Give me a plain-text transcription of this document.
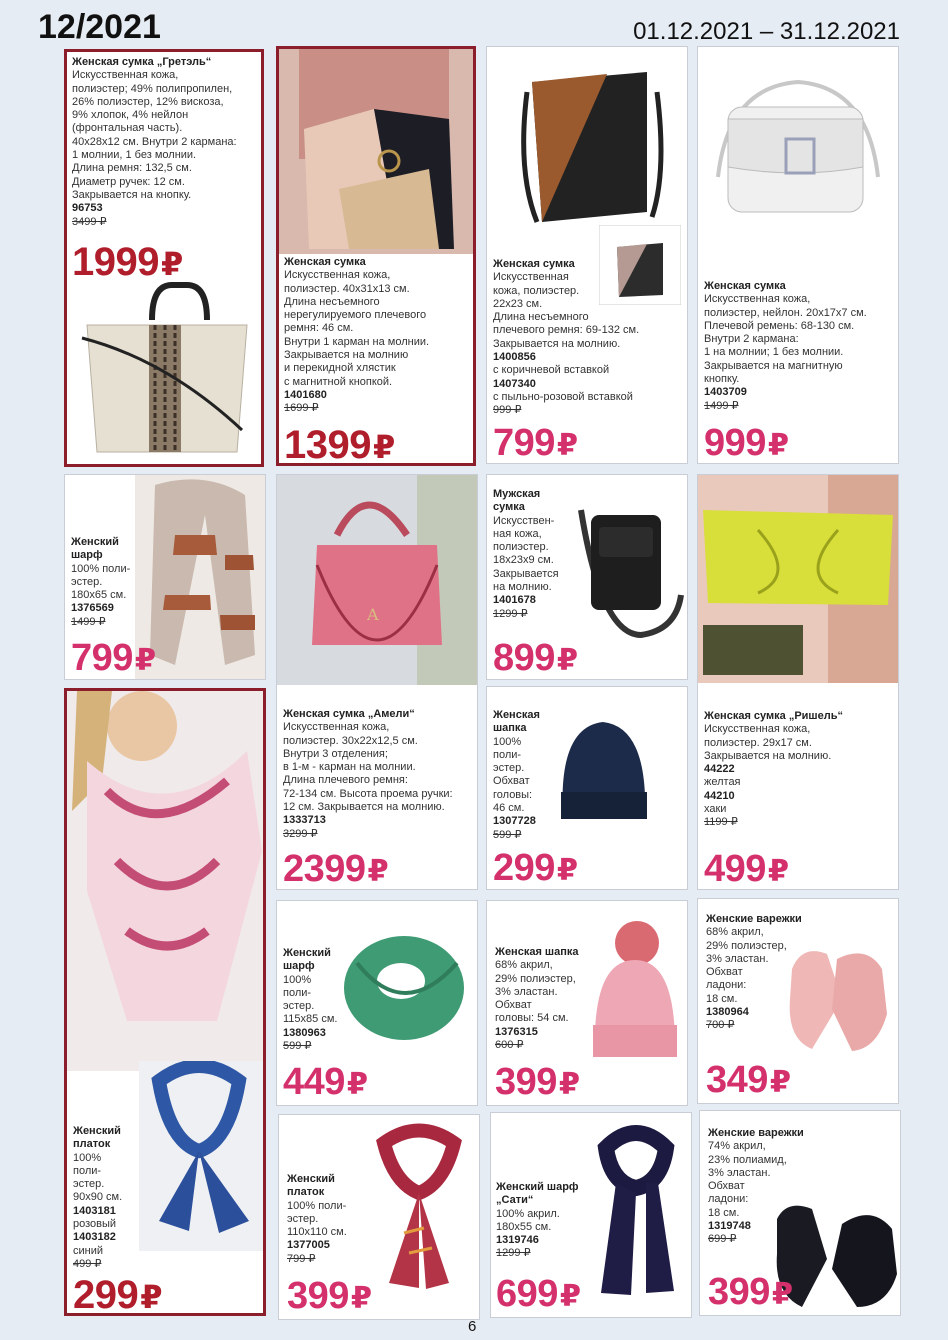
12/2021	01.12.2021 – 31.12.2021
Женская сумка „Гретэль“
Искусственная кожа,
полиэстер; 49% полипропилен,
26% полиэстер, 12% вискоза,
9% хлопок, 4% нейлон
(фронтальная часть).
40x28x12 см. Внутри 2 кармана:
1 молнии, 1 без молнии.
Длина ремня: 132,5 см.
Диаметр ручек: 12 см.
Закрывается на кнопку.
96753
3499 ₽
1999₽	Женская сумка
Искусственная кожа,
полиэстер. 40x31x13 см.
Длина несъемного
нерегулируемого плечевого
ремня: 46 см.
Внутри 1 карман на молнии.
Закрывается на молнию
и перекидной хлястик
с магнитной кнопкой.
1401680
1699 ₽
1399₽
Женская сумка
Искусственная
кожа, полиэстер.
22x23 см.
Длина несъемного
плечевого ремня: 69-132 см.
Закрывается на молнию.
1400856
с коричневой вставкой
1407340
с пыльно-розовой вставкой
999 ₽
799₽
Женская сумка
Искусственная кожа,
полиэстер, нейлон. 20x17x7 см.
Плечевой ремень: 68-130 см.
Внутри 2 кармана:
1 на молнии; 1 без молнии.
Закрывается на магнитную
кнопку.
1403709
1499 ₽
999₽
Женский шарф
100% поли-
эстер.
180x65 см.
1376569
1499 ₽
799₽
A
Женская сумка „Амели“
Искусственная кожа,
полиэстер. 30x22x12,5 см.
Внутри 3 отделения;
в 1-м - карман на молнии.
Длина плечевого ремня:
72-134 см. Высота проема ручки:
12 см. Закрывается на молнию.
1333713
3299 ₽
2399₽
Мужская сумка
Искусствен-
ная кожа,
полиэстер.
18x23x9 см.
Закрывается
на молнию.
1401678
1299 ₽
899₽
Женская сумка „Ришель“
Искусственная кожа,
полиэстер. 29x17 см.
Закрывается на молнию.
44222
желтая
44210
хаки
1199 ₽
499₽
Женская шапка
100%
поли-
эстер.
Обхват
головы:
46 см.
1307728
599 ₽
299₽
Женский платок
100%
поли-
эстер.
90x90 см.
1403181
розовый
1403182
синий
499 ₽
299₽
Женский шарф
100%
поли-
эстер.
115x85 см.
1380963
599 ₽
449₽
Женская шапка
68% акрил,
29% полиэстер,
3% эластан.
Обхват
головы: 54 см.
1376315
600 ₽
399₽
Женские варежки
68% акрил,
29% полиэстер,
3% эластан.
Обхват
ладони:
18 см.
1380964
700 ₽
349₽
Женский платок
100% поли-
эстер.
110x110 см.
1377005
799 ₽
399₽
Женский шарф „Сати“
100% акрил.
180x55 см.
1319746
1299 ₽
699₽
Женские варежки
74% акрил,
23% полиамид,
3% эластан.
Обхват
ладони:
18 см.
1319748
699 ₽
399₽
6
